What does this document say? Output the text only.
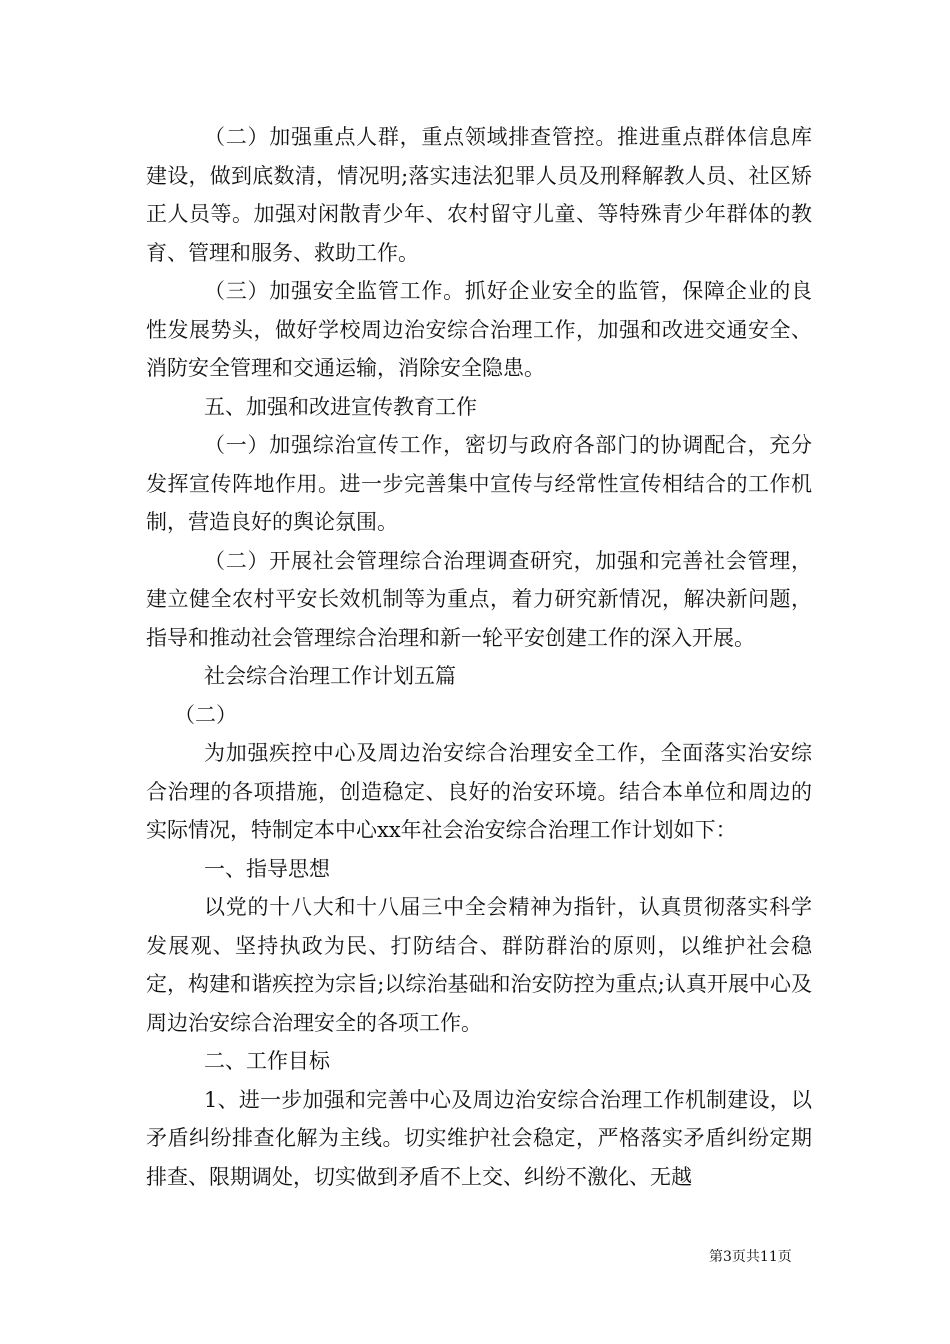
（二）加强重点人群，重点领域排查管控。推进重点群体信息库建设，做到底数清，情况明;落实违法犯罪人员及刑释解教人员、社区矫正人员等。加强对闲散青少年、农村留守儿童、等特殊青少年群体的教育、管理和服务、救助工作。

（三）加强安全监管工作。抓好企业安全的监管，保障企业的良性发展势头，做好学校周边治安综合治理工作，加强和改进交通安全、消防安全管理和交通运输，消除安全隐患。

五、加强和改进宣传教育工作

（一）加强综治宣传工作，密切与政府各部门的协调配合，充分发挥宣传阵地作用。进一步完善集中宣传与经常性宣传相结合的工作机制，营造良好的舆论氛围。

（二）开展社会管理综合治理调查研究，加强和完善社会管理，建立健全农村平安长效机制等为重点，着力研究新情况，解决新问题，指导和推动社会管理综合治理和新一轮平安创建工作的深入开展。

社会综合治理工作计划五篇

（二）

为加强疾控中心及周边治安综合治理安全工作，全面落实治安综合治理的各项措施，创造稳定、良好的治安环境。结合本单位和周边的实际情况，特制定本中心xx年社会治安综合治理工作计划如下：

一、指导思想

以党的十八大和十八届三中全会精神为指针，认真贯彻落实科学发展观、坚持执政为民、打防结合、群防群治的原则，以维护社会稳定，构建和谐疾控为宗旨;以综治基础和治安防控为重点;认真开展中心及周边治安综合治理安全的各项工作。

二、工作目标

1、进一步加强和完善中心及周边治安综合治理工作机制建设，以矛盾纠纷排查化解为主线。切实维护社会稳定，严格落实矛盾纠纷定期排查、限期调处，切实做到矛盾不上交、纠纷不激化、无越

第3页共11页
